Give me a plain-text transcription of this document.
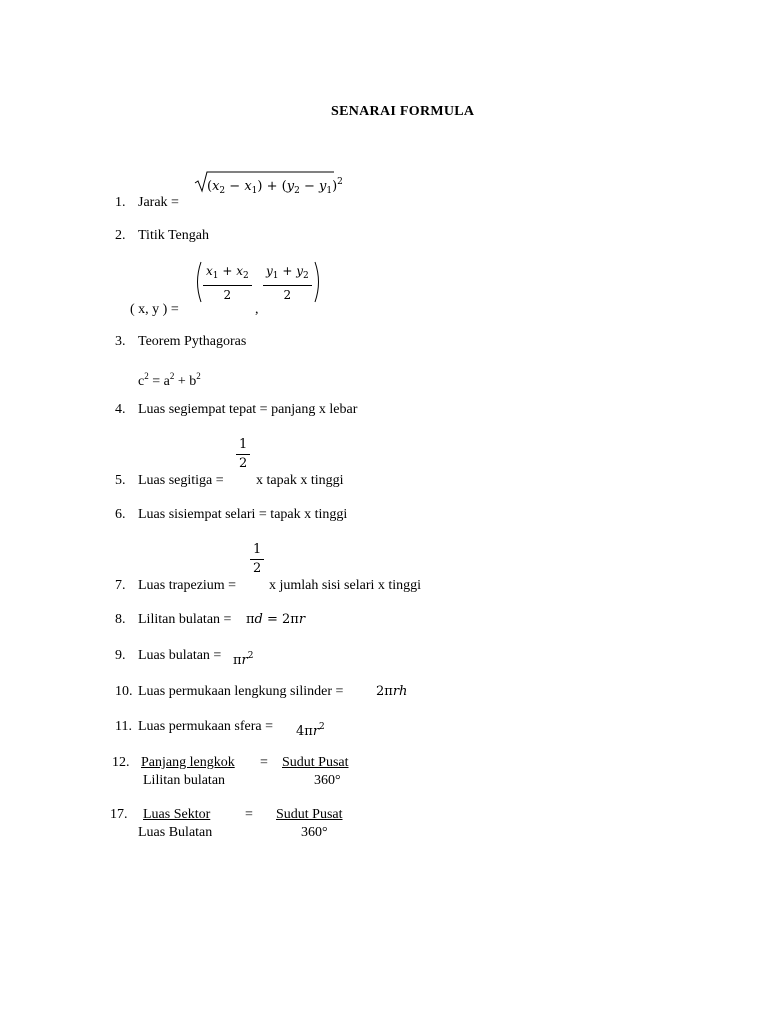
SENARAI FORMULA
$(x_2 - x_1) + (y_2 - y_1)^2$
1. Jarak =
2. Titik Tengah
$\frac{x_1 + x_2}{2} \frac{y_1 + y_2}{2}$
( x, y ) =	,
3. Teorem Pythagoras
$c^2 = a^2 + b^2$
4. Luas segiempat tepat = panjang x lebar
$\frac{1}{2}$
5. Luas segitiga = x tapak x tinggi
6. Luas sisiempat selari = tapak x tinggi
$\frac{1}{2}$
7. Luas trapezium = x jumlah sisi selari x tinggi
8. Lilitan bulatan = πd = 2πr
9. Luas bulatan = $\pi r^2$
10. Luas permukaan lengkung silinder =	2πrh
11. Luas permukaan sfera = $4\pi r^2$
12. Panjang lengkok = Sudut Pusat
Lilitan bulatan	360°
17. Luas Sektor = Sudut Pusat
Luas Bulatan	360°
